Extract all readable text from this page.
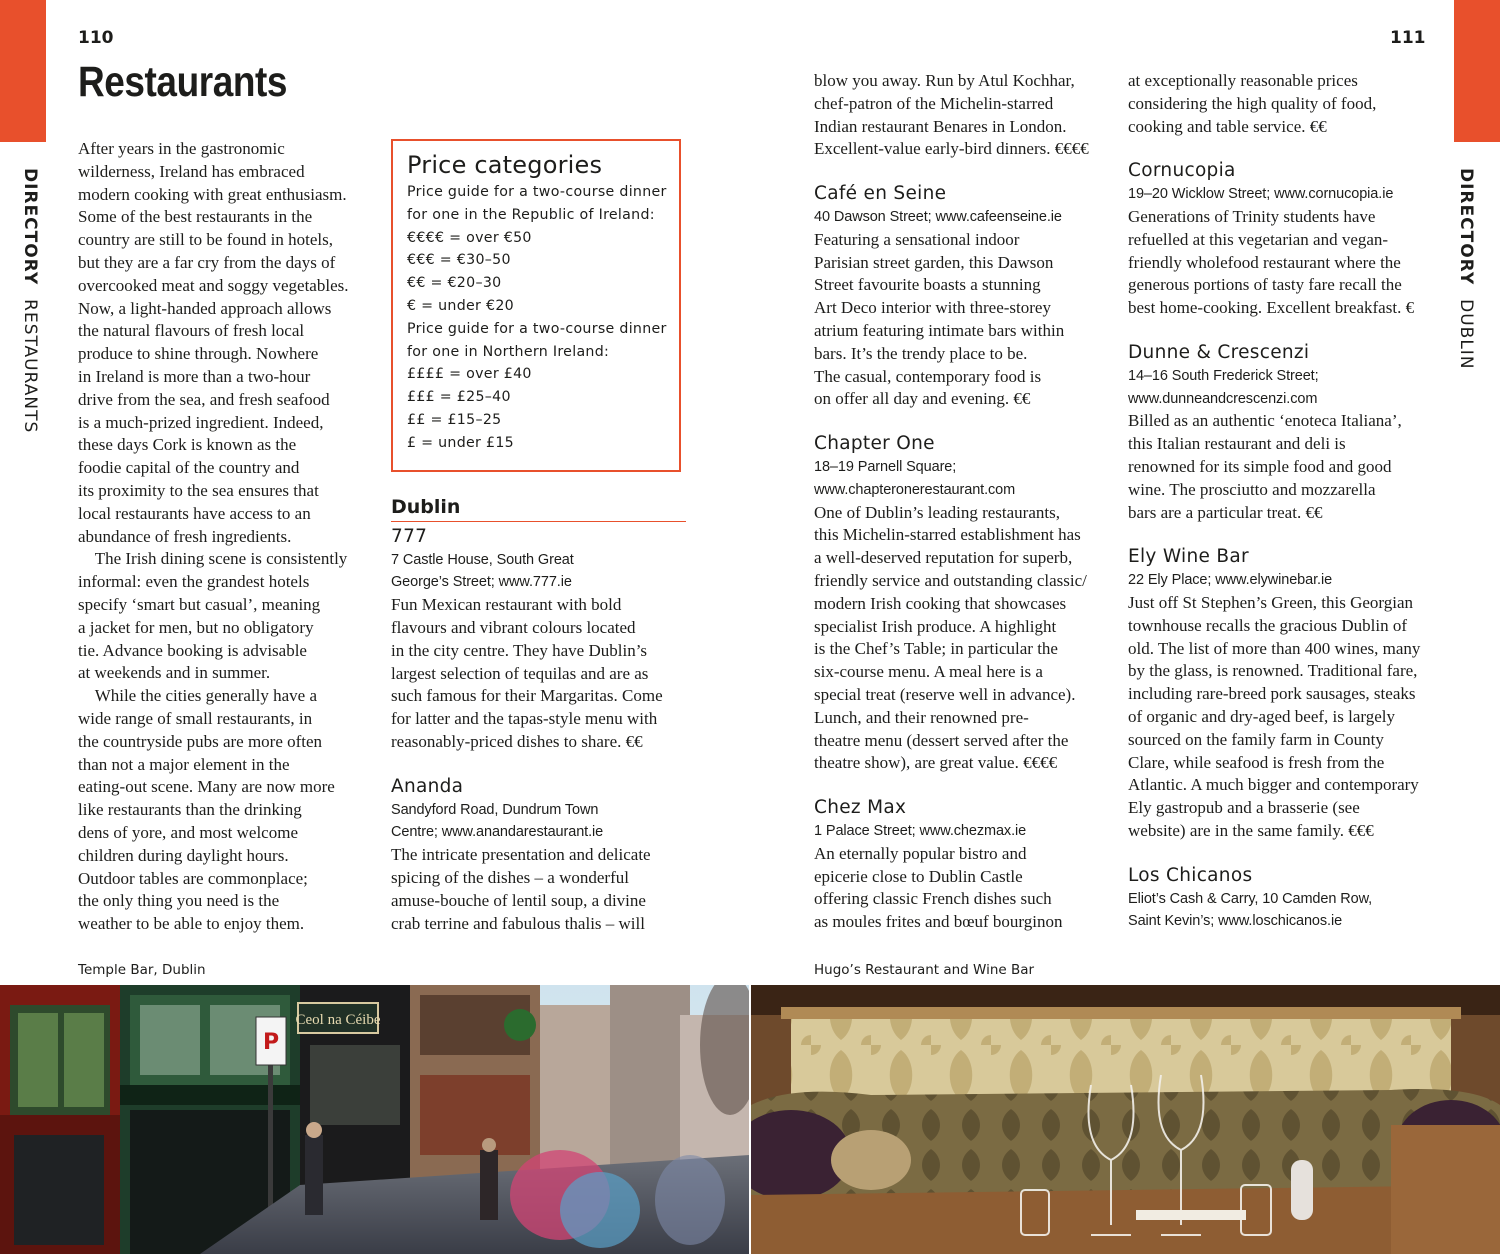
DIRECTORYRESTAURANTS
DIRECTORYDUBLIN
110	111
Restaurants
After years in the gastronomic
wilderness, Ireland has embraced
modern cooking with great enthusiasm.
Some of the best restaurants in the
country are still to be found in hotels,
but they are a far cry from the days of
overcooked meat and soggy vegetables.
Now, a light-handed approach allows
the natural flavours of fresh local
produce to shine through. Nowhere
in Ireland is more than a two-hour
drive from the sea, and fresh seafood
is a much-prized ingredient. Indeed,
these days Cork is known as the
foodie capital of the country and
its proximity to the sea ensures that
local restaurants have access to an
abundance of fresh ingredients.
The Irish dining scene is consistently
informal: even the grandest hotels
specify ‘smart but casual’, meaning
a jacket for men, but no obligatory
tie. Advance booking is advisable
at weekends and in summer.
While the cities generally have a
wide range of small restaurants, in
the countryside pubs are more often
than not a major element in the
eating-out scene. Many are now more
like restaurants than the drinking
dens of yore, and most welcome
children during daylight hours.
Outdoor tables are commonplace;
the only thing you need is the
weather to be able to enjoy them.
Price categories
Price guide for a two-course dinner
for one in the Republic of Ireland:
€€€€ = over €50
€€€ = €30–50
€€ = €20–30
€ = under €20
Price guide for a two-course dinner
for one in Northern Ireland:
££££ = over £40
£££ = £25–40
££ = £15–25
£ = under £15
Dublin
777
7 Castle House, South Great
George’s Street; www.777.ie
Fun Mexican restaurant with bold
flavours and vibrant colours located
in the city centre. They have Dublin’s
largest selection of tequilas and are as
such famous for their Margaritas. Come
for latter and the tapas-style menu with
reasonably-priced dishes to share. €€
Ananda
Sandyford Road, Dundrum Town
Centre; www.anandarestaurant.ie
The intricate presentation and delicate
spicing of the dishes – a wonderful
amuse-bouche of lentil soup, a divine
crab terrine and fabulous thalis – will
blow you away. Run by Atul Kochhar,
chef-patron of the Michelin-starred
Indian restaurant Benares in London.
Excellent-value early-bird dinners. €€€€
Café en Seine
40 Dawson Street; www.cafeenseine.ie
Featuring a sensational indoor
Parisian street garden, this Dawson
Street favourite boasts a stunning
Art Deco interior with three-storey
atrium featuring intimate bars within
bars. It’s the trendy place to be.
The casual, contemporary food is
on offer all day and evening. €€
Chapter One
18–19 Parnell Square;
www.chapteronerestaurant.com
One of Dublin’s leading restaurants,
this Michelin-starred establishment has
a well-deserved reputation for superb,
friendly service and outstanding classic/
modern Irish cooking that showcases
specialist Irish produce. A highlight
is the Chef’s Table; in particular the
six-course menu. A meal here is a
special treat (reserve well in advance).
Lunch, and their renowned pre-
theatre menu (dessert served after the
theatre show), are great value. €€€€
Chez Max
1 Palace Street; www.chezmax.ie
An eternally popular bistro and
epicerie close to Dublin Castle
offering classic French dishes such
as moules frites and bœuf bourginon
at exceptionally reasonable prices
considering the high quality of food,
cooking and table service. €€
Cornucopia
19–20 Wicklow Street; www.cornucopia.ie
Generations of Trinity students have
refuelled at this vegetarian and vegan-
friendly wholefood restaurant where the
generous portions of tasty fare recall the
best home-cooking. Excellent breakfast. €
Dunne & Crescenzi
14–16 South Frederick Street;
www.dunneandcrescenzi.com
Billed as an authentic ‘enoteca Italiana’,
this Italian restaurant and deli is
renowned for its simple food and good
wine. The prosciutto and mozzarella
bars are a particular treat. €€
Ely Wine Bar
22 Ely Place; www.elywinebar.ie
Just off St Stephen’s Green, this Georgian
townhouse recalls the gracious Dublin of
old. The list of more than 400 wines, many
by the glass, is renowned. Traditional fare,
including rare-breed pork sausages, steaks
of organic and dry-aged beef, is largely
sourced on the family farm in County
Clare, while seafood is fresh from the
Atlantic. A much bigger and contemporary
Ely gastropub and a brasserie (see
website) are in the same family. €€€
Los Chicanos
Eliot’s Cash & Carry, 10 Camden Row,
Saint Kevin’s; www.loschicanos.ie
Temple Bar, Dublin	Hugo’s Restaurant and Wine Bar
Ceol na Céibe
P
